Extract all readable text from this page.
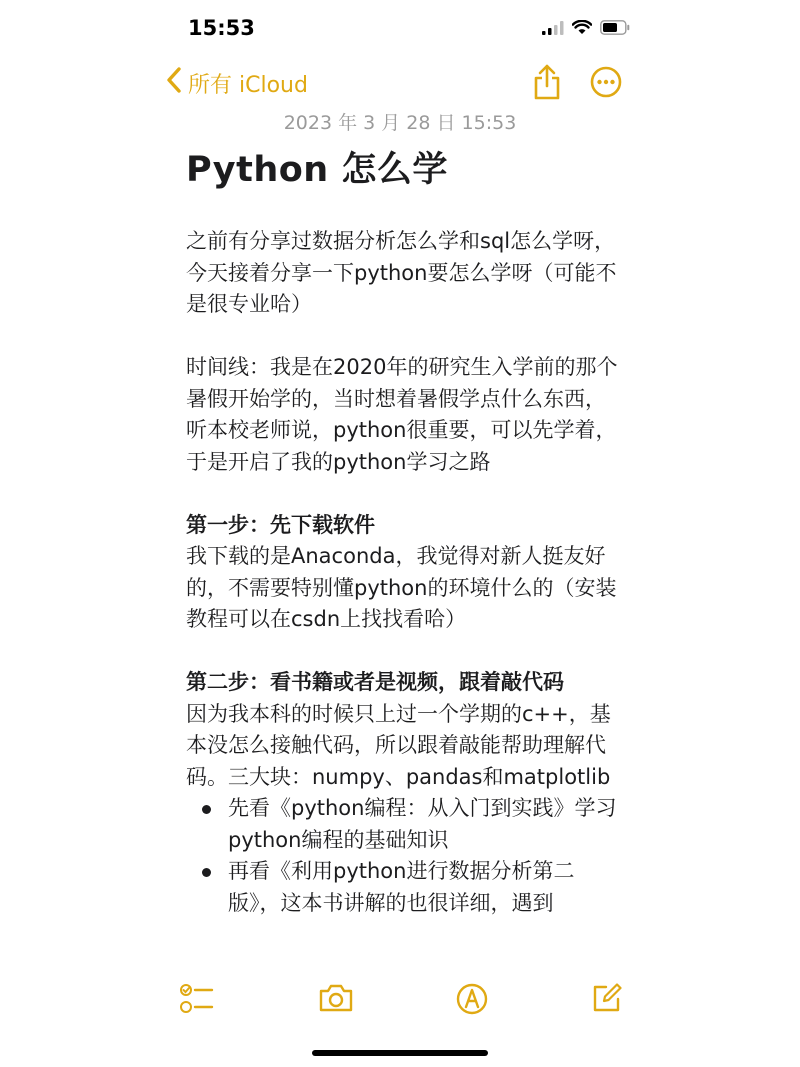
15:53
所有 iCloud
2023 年 3 月 28 日 15:53
Python 怎么学

之前有分享过数据分析怎么学和sql怎么学呀，今天接着分享一下python要怎么学呀（可能不是很专业哈）

时间线：我是在2020年的研究生入学前的那个暑假开始学的，当时想着暑假学点什么东西，听本校老师说，python很重要，可以先学着，于是开启了我的python学习之路

第一步：先下载软件

我下载的是Anaconda，我觉得对新人挺友好的，不需要特别懂python的环境什么的（安装教程可以在csdn上找找看哈）

第二步：看书籍或者是视频，跟着敲代码

因为我本科的时候只上过一个学期的c++，基本没怎么接触代码，所以跟着敲能帮助理解代码。三大块：numpy、pandas和matplotlib

先看《python编程：从入门到实践》学习python编程的基础知识
再看《利用python进行数据分析第二版》，这本书讲解的也很详细，遇到
